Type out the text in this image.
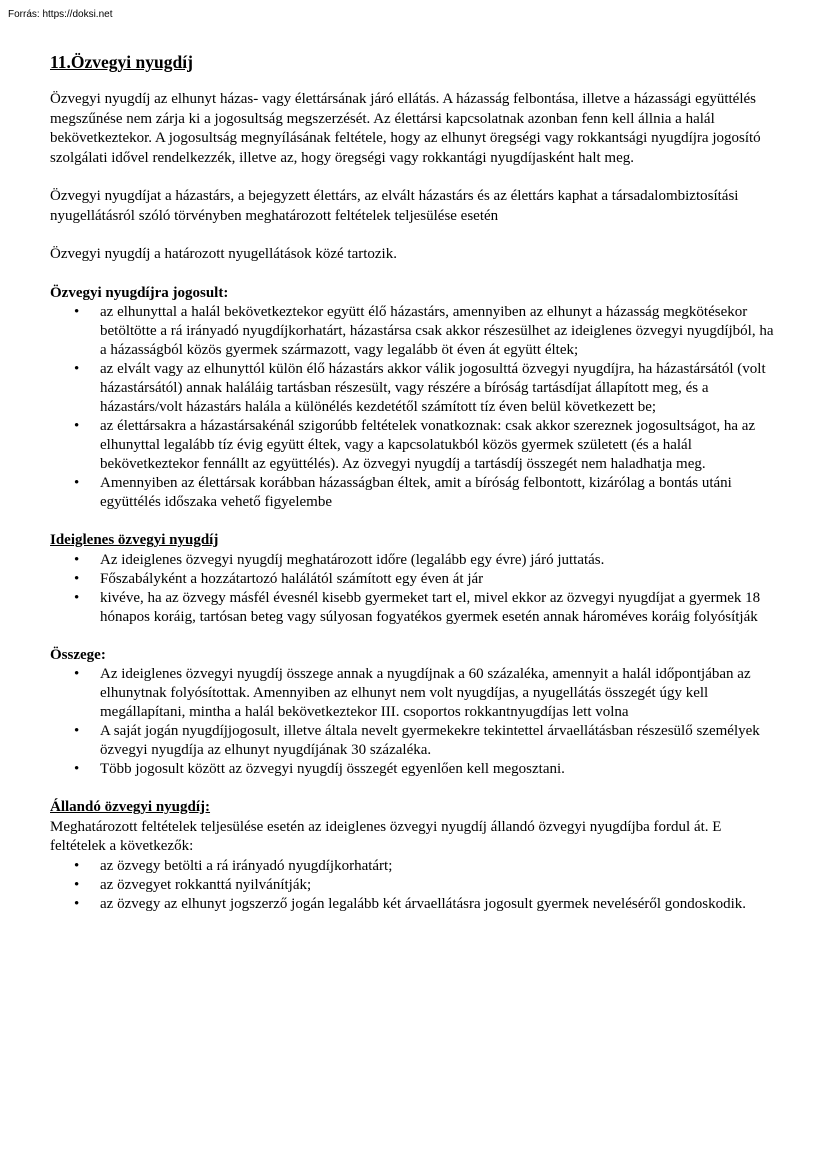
Forrás: https://doksi.net
11.Özvegyi nyugdíj

Özvegyi nyugdíj az elhunyt házas- vagy élettársának járó ellátás. A házasság felbontása, illetve a házassági együttélés megszűnése nem zárja ki a jogosultság megszerzését. Az élettársi kapcsolatnak azonban fenn kell állnia a halál bekövetkeztekor. A jogosultság megnyílásának feltétele, hogy az elhunyt öregségi vagy rokkantsági nyugdíjra jogosító szolgálati idővel rendelkezzék, illetve az, hogy öregségi vagy rokkantági nyugdíjasként halt meg.

Özvegyi nyugdíjat a házastárs, a bejegyzett élettárs, az elvált házastárs és az élettárs kaphat a társadalombiztosítási nyugellátásról szóló törvényben meghatározott feltételek teljesülése esetén

Özvegyi nyugdíj a határozott nyugellátások közé tartozik.

Özvegyi nyugdíjra jogosult:

• az elhunyttal a halál bekövetkeztekor együtt élő házastárs, amennyiben az elhunyt a házasság megkötésekor betöltötte a rá irányadó nyugdíjkorhatárt, házastársa csak akkor részesülhet az ideiglenes özvegyi nyugdíjból, ha a házasságból közös gyermek származott, vagy legalább öt éven át együtt éltek;
• az elvált vagy az elhunyttól külön élő házastárs akkor válik jogosulttá özvegyi nyugdíjra, ha házastársától (volt házastársától) annak haláláig tartásban részesült, vagy részére a bíróság tartásdíjat állapított meg, és a házastárs/volt házastárs halála a különélés kezdetétől számított tíz éven belül következett be;
• az élettársakra a házastársakénál szigorúbb feltételek vonatkoznak: csak akkor szereznek jogosultságot, ha az elhunyttal legalább tíz évig együtt éltek, vagy a kapcsolatukból közös gyermek született (és a halál bekövetkeztekor fennállt az együttélés). Az özvegyi nyugdíj a tartásdíj összegét nem haladhatja meg.
• Amennyiben az élettársak korábban házasságban éltek, amit a bíróság felbontott, kizárólag a bontás utáni együttélés időszaka vehető figyelembe

Ideiglenes özvegyi nyugdíj

• Az ideiglenes özvegyi nyugdíj meghatározott időre (legalább egy évre) járó juttatás.
• Főszabályként a hozzátartozó halálától számított egy éven át jár
• kivéve, ha az özvegy másfél évesnél kisebb gyermeket tart el, mivel ekkor az özvegyi nyugdíjat a gyermek 18 hónapos koráig, tartósan beteg vagy súlyosan fogyatékos gyermek esetén annak hároméves koráig folyósítják

Összege:

• Az ideiglenes özvegyi nyugdíj összege annak a nyugdíjnak a 60 százaléka, amennyit a halál időpontjában az elhunytnak folyósítottak. Amennyiben az elhunyt nem volt nyugdíjas, a nyugellátás összegét úgy kell megállapítani, mintha a halál bekövetkeztekor III. csoportos rokkantnyugdíjas lett volna
• A saját jogán nyugdíjjogosult, illetve általa nevelt gyermekekre tekintettel árvaellátásban részesülő személyek özvegyi nyugdíja az elhunyt nyugdíjának 30 százaléka.
• Több jogosult között az özvegyi nyugdíj összegét egyenlően kell megosztani.

Állandó özvegyi nyugdíj:

Meghatározott feltételek teljesülése esetén az ideiglenes özvegyi nyugdíj állandó özvegyi nyugdíjba fordul át. E feltételek a következők:

• az özvegy betölti a rá irányadó nyugdíjkorhatárt;
• az özvegyet rokkanttá nyilvánítják;
• az özvegy az elhunyt jogszerző jogán legalább két árvaellátásra jogosult gyermek neveléséről gondoskodik.
